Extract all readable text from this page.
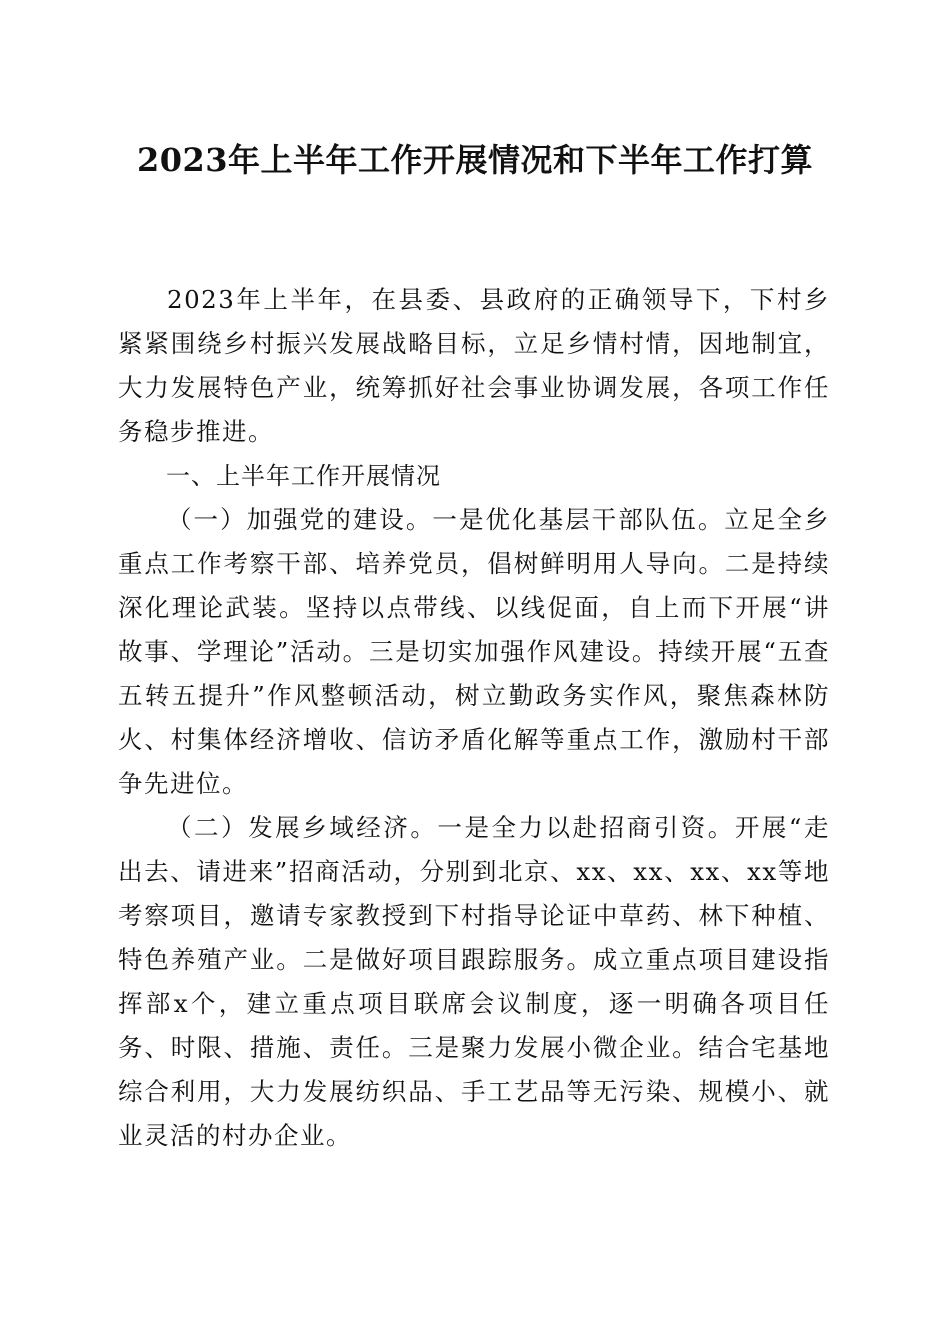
2023年上半年工作开展情况和下半年工作打算

2023年上半年，在县委、县政府的正确领导下，下村乡紧紧围绕乡村振兴发展战略目标，立足乡情村情，因地制宜，大力发展特色产业，统筹抓好社会事业协调发展，各项工作任务稳步推进。

一、上半年工作开展情况

（一）加强党的建设。一是优化基层干部队伍。立足全乡重点工作考察干部、培养党员，倡树鲜明用人导向。二是持续深化理论武装。坚持以点带线、以线促面，自上而下开展“讲故事、学理论”活动。三是切实加强作风建设。持续开展“五查五转五提升”作风整顿活动，树立勤政务实作风，聚焦森林防火、村集体经济增收、信访矛盾化解等重点工作，激励村干部争先进位。

（二）发展乡域经济。一是全力以赴招商引资。开展“走出去、请进来”招商活动，分别到北京、xx、xx、xx、xx等地考察项目，邀请专家教授到下村指导论证中草药、林下种植、特色养殖产业。二是做好项目跟踪服务。成立重点项目建设指挥部x个，建立重点项目联席会议制度，逐一明确各项目任务、时限、措施、责任。三是聚力发展小微企业。结合宅基地综合利用，大力发展纺织品、手工艺品等无污染、规模小、就业灵活的村办企业。
